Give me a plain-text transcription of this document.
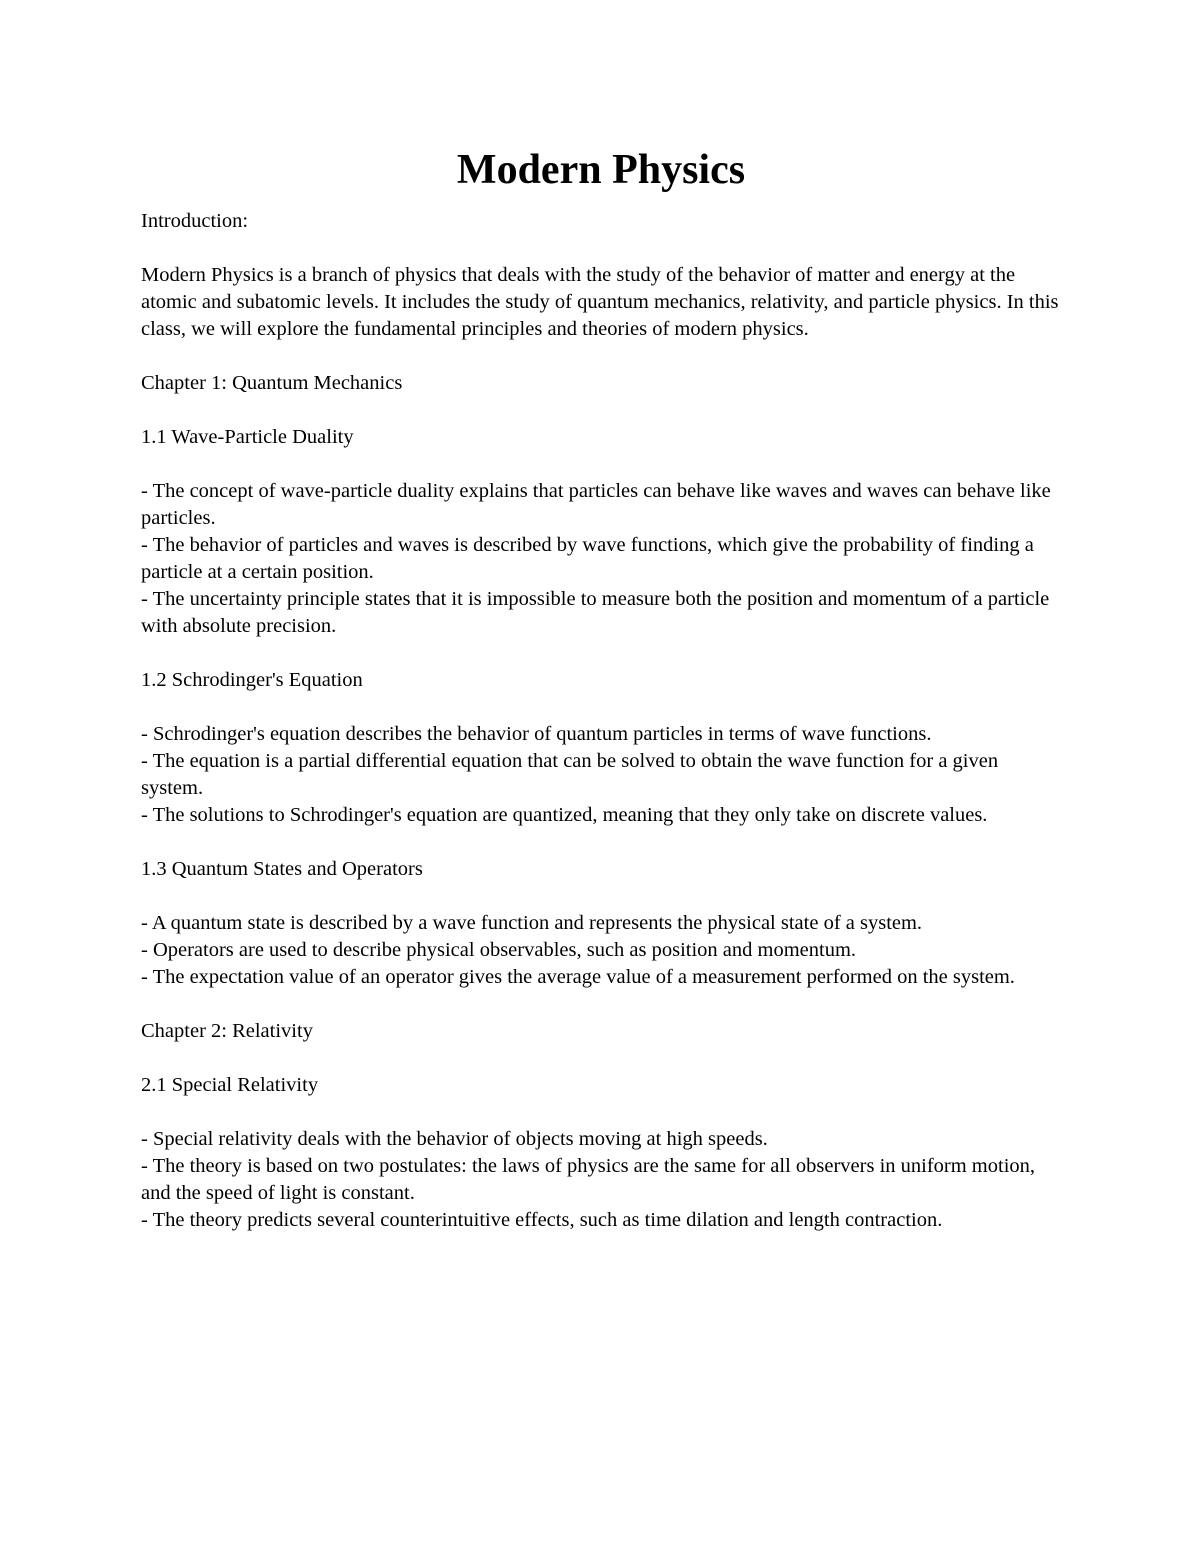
Modern Physics

Introduction:

Modern Physics is a branch of physics that deals with the study of the behavior of matter and energy at the atomic and subatomic levels. It includes the study of quantum mechanics, relativity, and particle physics. In this class, we will explore the fundamental principles and theories of modern physics.

Chapter 1: Quantum Mechanics

1.1 Wave-Particle Duality

- The concept of wave-particle duality explains that particles can behave like waves and waves can behave like particles.

- The behavior of particles and waves is described by wave functions, which give the probability of finding a particle at a certain position.

- The uncertainty principle states that it is impossible to measure both the position and momentum of a particle with absolute precision.

1.2 Schrodinger's Equation

- Schrodinger's equation describes the behavior of quantum particles in terms of wave functions.

- The equation is a partial differential equation that can be solved to obtain the wave function for a given system.

- The solutions to Schrodinger's equation are quantized, meaning that they only take on discrete values.

1.3 Quantum States and Operators

- A quantum state is described by a wave function and represents the physical state of a system.

- Operators are used to describe physical observables, such as position and momentum.

- The expectation value of an operator gives the average value of a measurement performed on the system.

Chapter 2: Relativity

2.1 Special Relativity

- Special relativity deals with the behavior of objects moving at high speeds.

- The theory is based on two postulates: the laws of physics are the same for all observers in uniform motion, and the speed of light is constant.

- The theory predicts several counterintuitive effects, such as time dilation and length contraction.
